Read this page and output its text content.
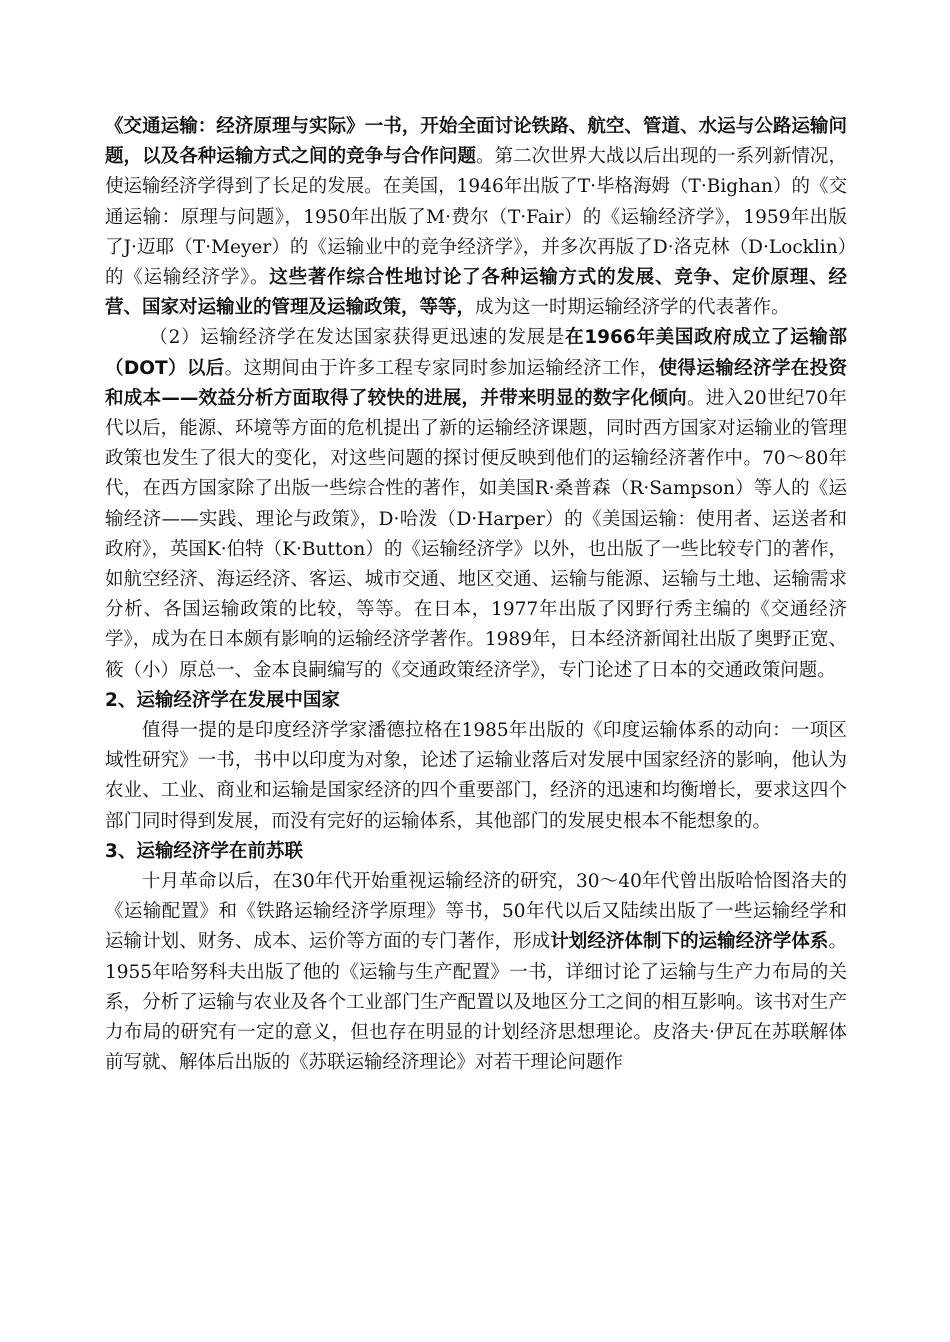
《交通运输：经济原理与实际》一书，开始全面讨论铁路、航空、管道、水运与公路运输问题，以及各种运输方式之间的竞争与合作问题。第二次世界大战以后出现的一系列新情况，使运输经济学得到了长足的发展。在美国，1946年出版了T·毕格海姆（T·Bighan）的《交通运输：原理与问题》，1950年出版了M·费尔（T·Fair）的《运输经济学》，1959年出版了J·迈耶（T·Meyer）的《运输业中的竞争经济学》，并多次再版了D·洛克林（D·Locklin）的《运输经济学》。这些著作综合性地讨论了各种运输方式的发展、竞争、定价原理、经营、国家对运输业的管理及运输政策，等等，成为这一时期运输经济学的代表著作。

（2）运输经济学在发达国家获得更迅速的发展是在1966年美国政府成立了运输部（DOT）以后。这期间由于许多工程专家同时参加运输经济工作，使得运输经济学在投资和成本——效益分析方面取得了较快的进展，并带来明显的数字化倾向。进入20世纪70年代以后，能源、环境等方面的危机提出了新的运输经济课题，同时西方国家对运输业的管理政策也发生了很大的变化，对这些问题的探讨便反映到他们的运输经济著作中。70～80年代，在西方国家除了出版一些综合性的著作，如美国R·桑普森（R·Sampson）等人的《运输经济——实践、理论与政策》，D·哈泼（D·Harper）的《美国运输：使用者、运送者和政府》，英国K·伯特（K·Button）的《运输经济学》以外，也出版了一些比较专门的著作，如航空经济、海运经济、客运、城市交通、地区交通、运输与能源、运输与土地、运输需求分析、各国运输政策的比较，等等。在日本，1977年出版了冈野行秀主编的《交通经济学》，成为在日本颇有影响的运输经济学著作。1989年，日本经济新闻社出版了奥野正宽、筱（小）原总一、金本良嗣编写的《交通政策经济学》，专门论述了日本的交通政策问题。

2、运输经济学在发展中国家

值得一提的是印度经济学家潘德拉格在1985年出版的《印度运输体系的动向：一项区域性研究》一书，书中以印度为对象，论述了运输业落后对发展中国家经济的影响，他认为农业、工业、商业和运输是国家经济的四个重要部门，经济的迅速和均衡增长，要求这四个部门同时得到发展，而没有完好的运输体系，其他部门的发展史根本不能想象的。

3、运输经济学在前苏联

十月革命以后，在30年代开始重视运输经济的研究，30～40年代曾出版哈恰图洛夫的《运输配置》和《铁路运输经济学原理》等书，50年代以后又陆续出版了一些运输经学和运输计划、财务、成本、运价等方面的专门著作，形成计划经济体制下的运输经济学体系。1955年哈努科夫出版了他的《运输与生产配置》一书，详细讨论了运输与生产力布局的关系，分析了运输与农业及各个工业部门生产配置以及地区分工之间的相互影响。该书对生产力布局的研究有一定的意义，但也存在明显的计划经济思想理论。皮洛夫·伊瓦在苏联解体前写就、解体后出版的《苏联运输经济理论》对若干理论问题作
